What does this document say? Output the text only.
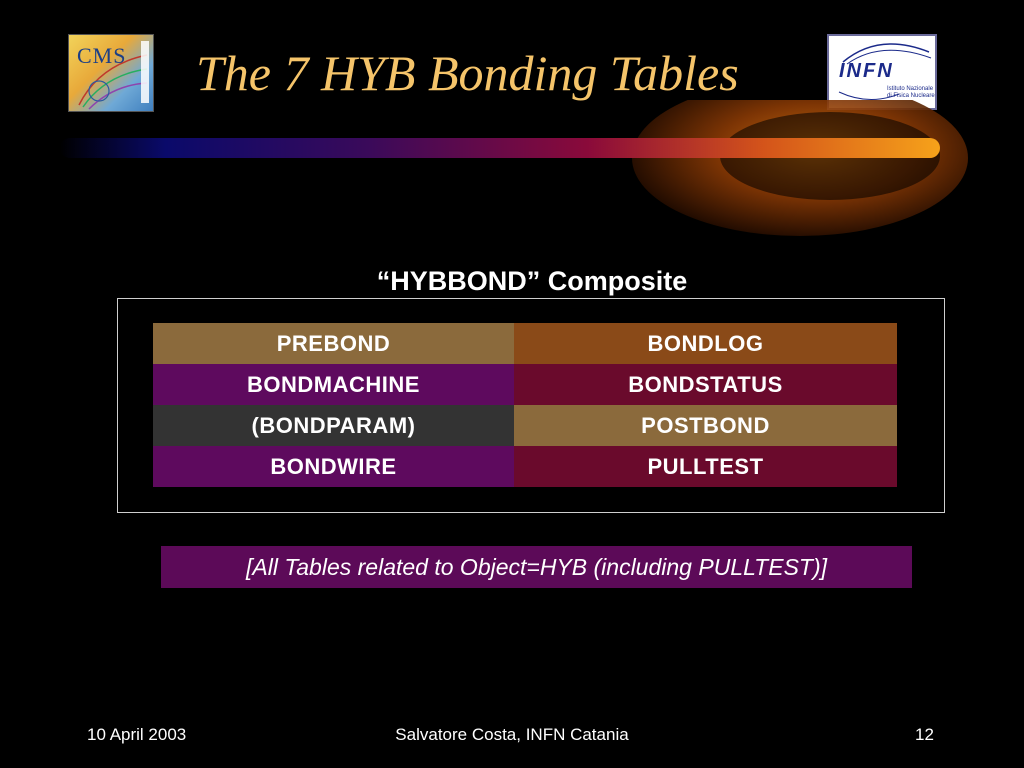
CMS The 7 HYB Bonding Tables	INFN
Istituto Nazionale di Fisica Nucleare
“HYBBOND” Composite
PREBOND	BONDLOG
BONDMACHINE	BONDSTATUS
(BONDPARAM)	POSTBOND
BONDWIRE	PULLTEST
[All Tables related to Object=HYB (including PULLTEST)]
10 April 2003	Salvatore Costa, INFN Catania	12
